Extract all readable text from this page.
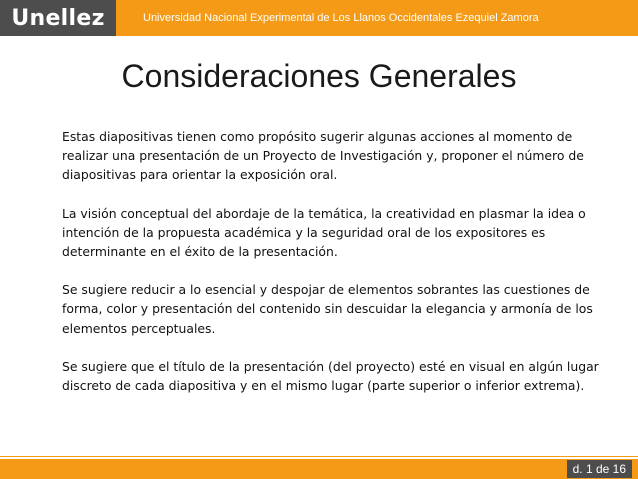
Unellez	Universidad Nacional Experimental de Los Llanos Occidentales Ezequiel Zamora
Consideraciones Generales

Estas diapositivas tienen como propósito sugerir algunas acciones al momento de realizar una presentación de un Proyecto de Investigación y, proponer el número de diapositivas para orientar la exposición oral.

La visión conceptual del abordaje de la temática, la creatividad en plasmar la idea o intención de la propuesta académica y la seguridad oral de los expositores es determinante en el éxito de la presentación.

Se sugiere reducir a lo esencial y despojar de elementos sobrantes las cuestiones de forma, color y presentación del contenido sin descuidar la elegancia y armonía de los elementos perceptuales.

Se sugiere que el título de la presentación (del proyecto) esté en visual en algún lugar discreto de cada diapositiva y en el mismo lugar (parte superior o inferior extrema).

d. 1 de 16
